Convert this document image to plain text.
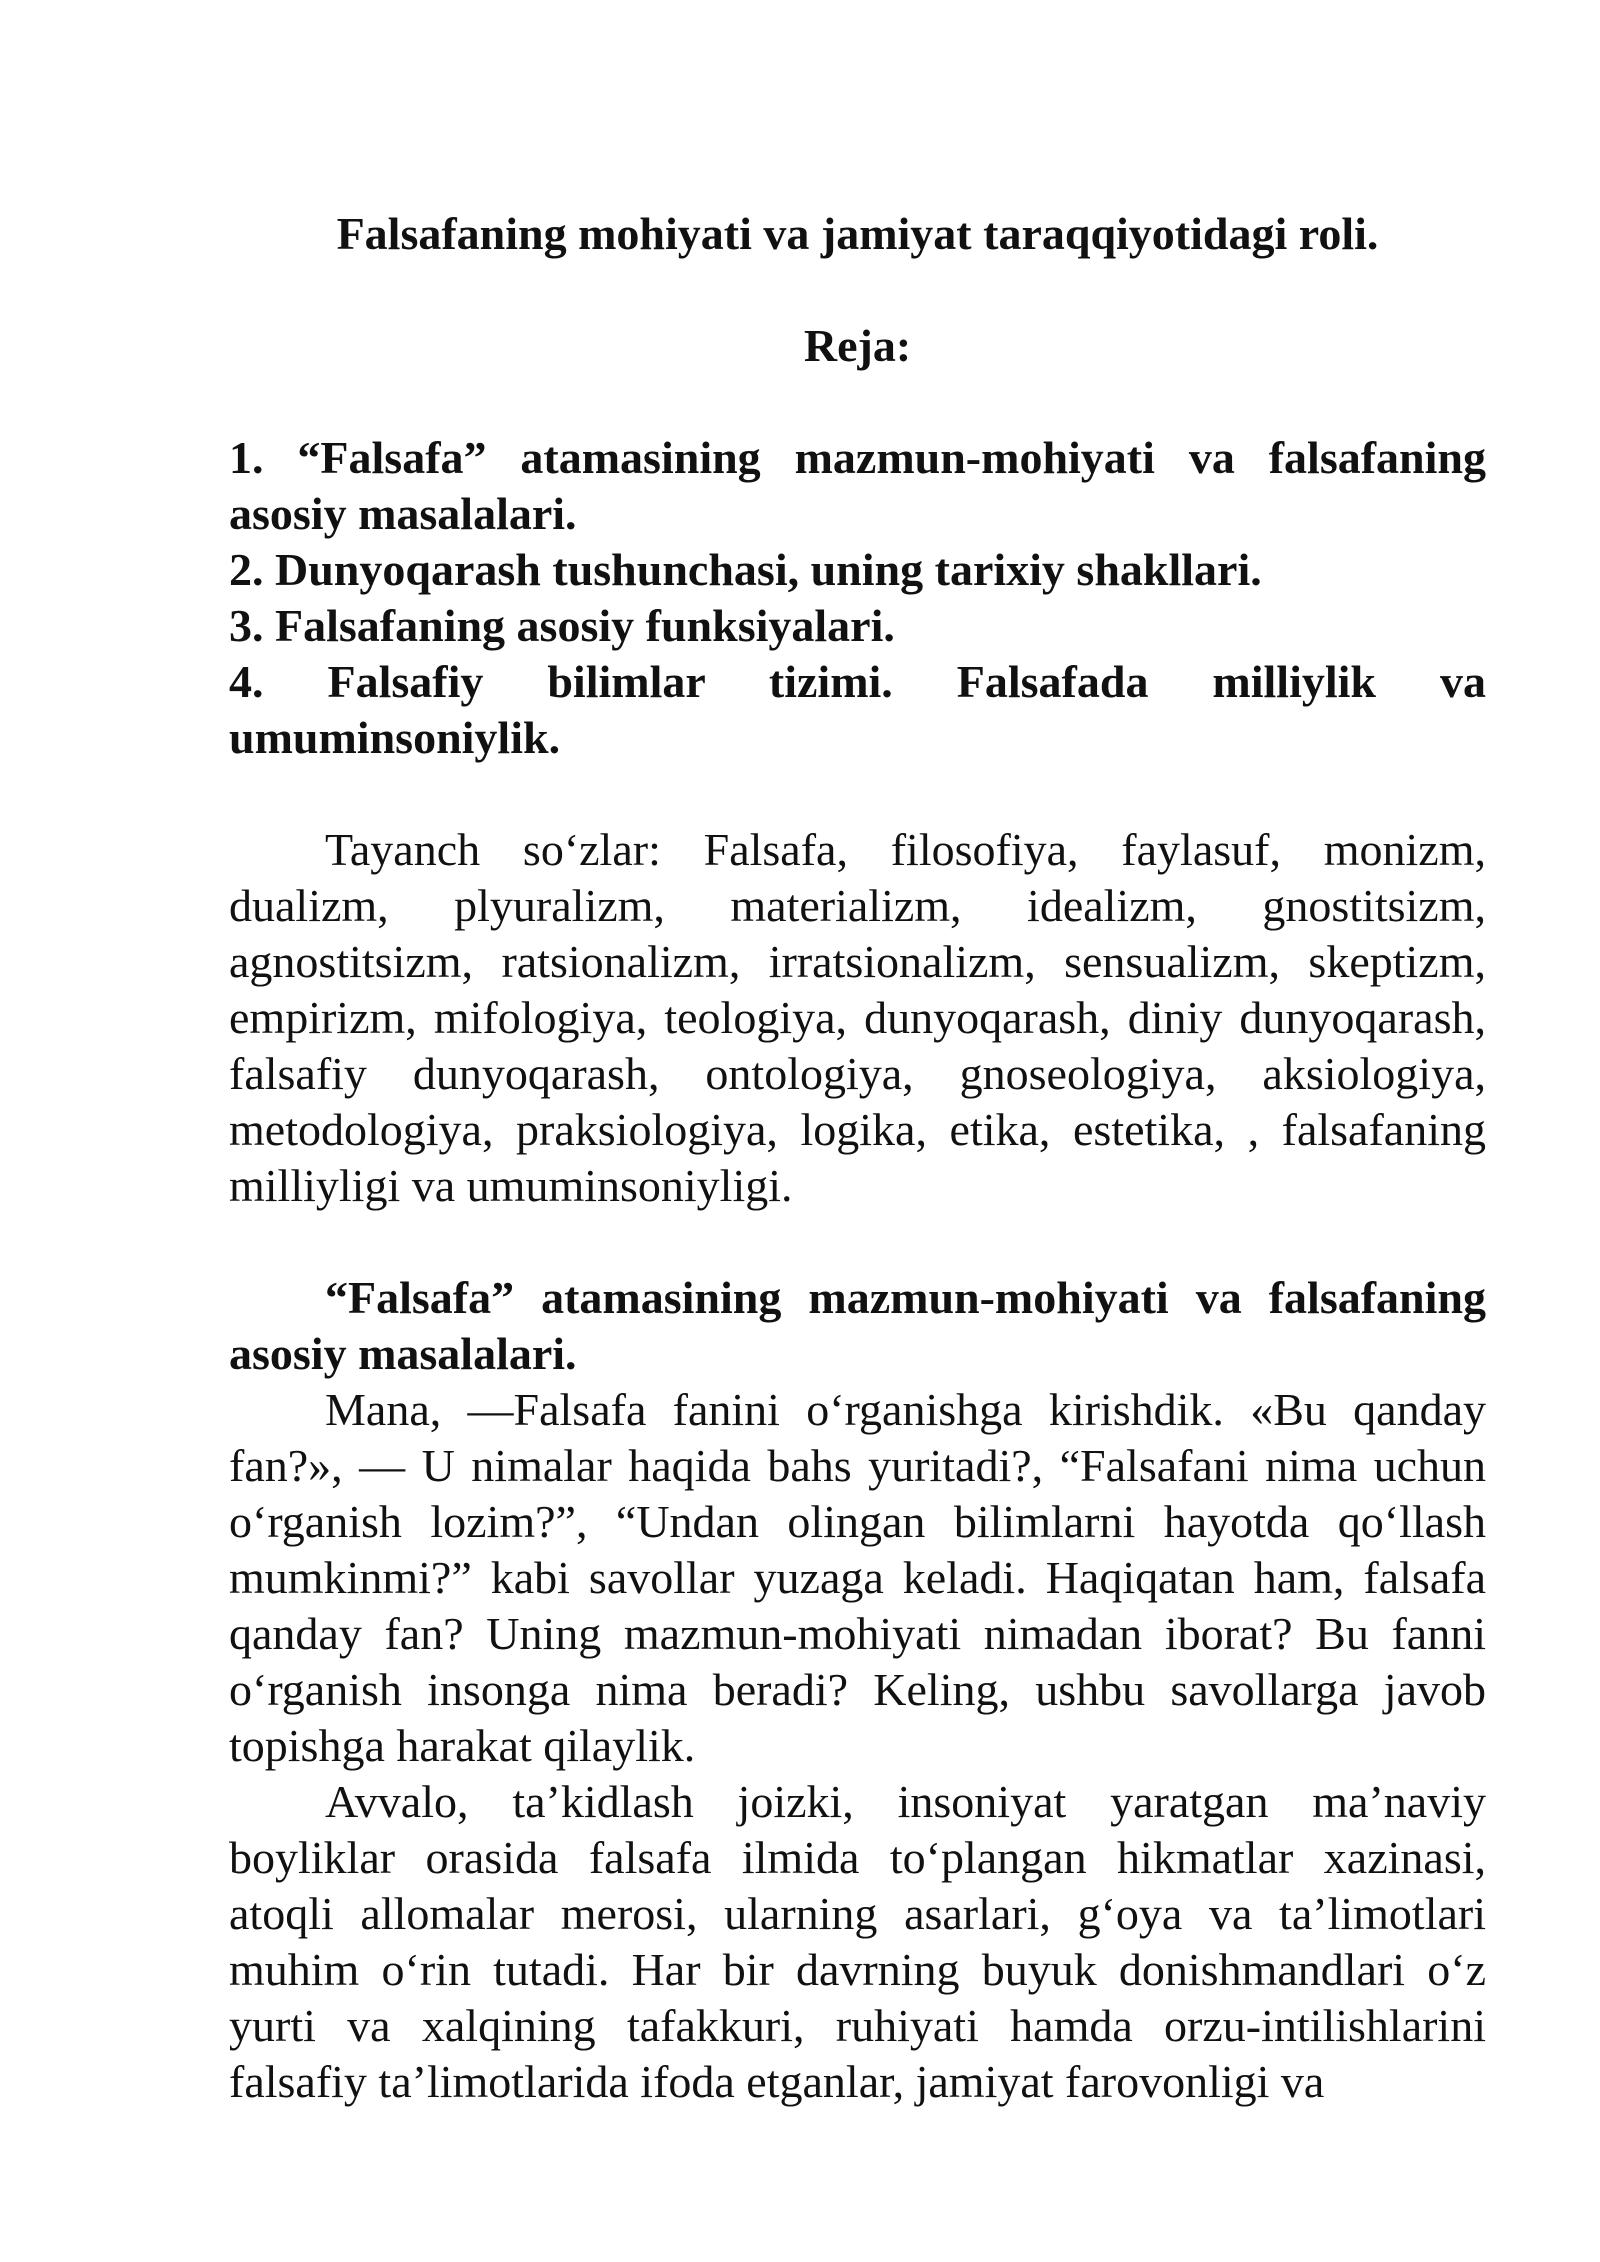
Falsafaning mohiyati va jamiyat taraqqiyotidagi roli.
Reja:

1. “Falsafa” atamasining mazmun-mohiyati va falsafaning asosiy masalalari.

2. Dunyoqarash tushunchasi, uning tarixiy shakllari.

3. Falsafaning asosiy funksiyalari.

4. Falsafiy bilimlar tizimi. Falsafada milliylik va umuminsoniylik.

Tayanch so‘zlar: Falsafa, filosofiya, faylasuf, monizm, dualizm, plyuralizm, materializm, idealizm, gnostitsizm, agnostitsizm, ratsionalizm, irratsionalizm, sensualizm, skeptizm, empirizm, mifologiya, teologiya, dunyoqarash, diniy dunyoqarash, falsafiy dunyoqarash, ontologiya, gnoseologiya, aksiologiya, metodologiya, praksiologiya, logika, etika, estetika, , falsafaning milliyligi va umuminsoniyligi.

“Falsafa” atamasining mazmun-mohiyati va falsafaning asosiy masalalari.

Mana, —Falsafa fanini o‘rganishga kirishdik. «Bu qanday fan?», — U nimalar haqida bahs yuritadi?, “Falsafani nima uchun o‘rganish lozim?”, “Undan olingan bilimlarni hayotda qo‘llash mumkinmi?” kabi savollar yuzaga keladi. Haqiqatan ham, falsafa qanday fan? Uning mazmun-mohiyati nimadan iborat? Bu fanni o‘rganish insonga nima beradi? Keling, ushbu savollarga javob topishga harakat qilaylik.

Avvalo, ta’kidlash joizki, insoniyat yaratgan ma’naviy boyliklar orasida falsafa ilmida to‘plangan hikmatlar xazinasi, atoqli allomalar merosi, ularning asarlari, g‘oya va ta’limotlari muhim o‘rin tutadi. Har bir davrning buyuk donishmandlari o‘z yurti va xalqining tafakkuri, ruhiyati hamda orzu-intilishlarini falsafiy ta’limotlarida ifoda etganlar, jamiyat farovonligi va
